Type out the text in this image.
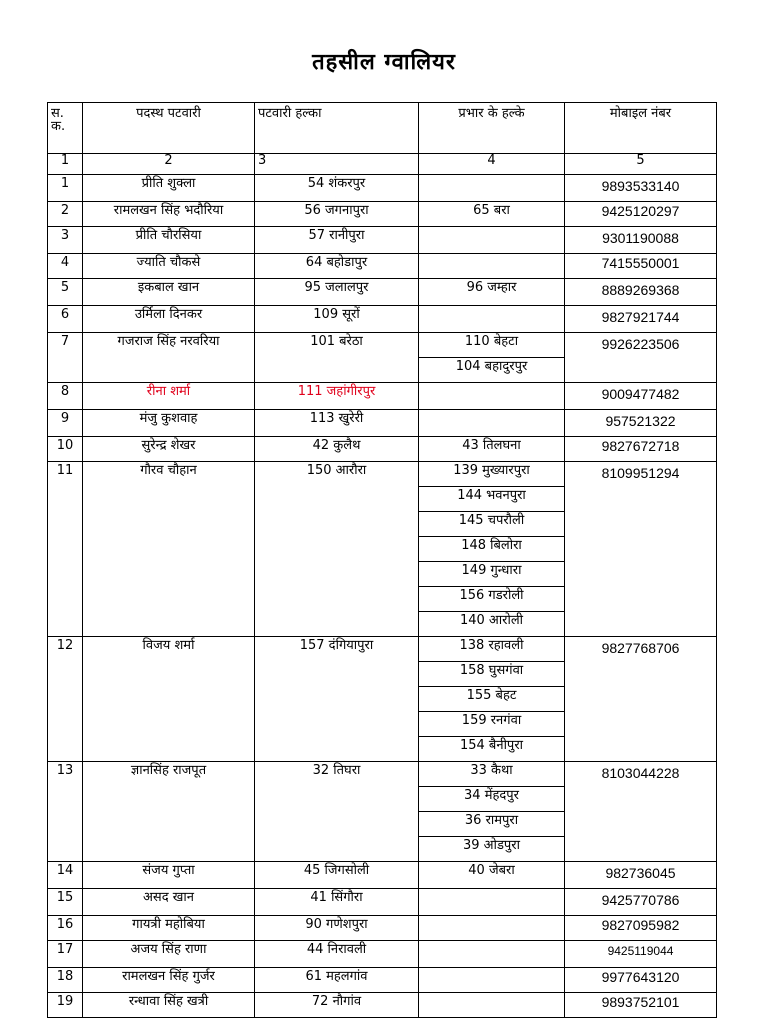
तहसील ग्वालियर
स. क.	पदस्थ पटवारी	पटवारी हल्का	प्रभार के हल्के	मोबाइल नंबर
1	2	3	4	5
1	प्रीति शुक्ला	54 शंकरपुर		9893533140
2	रामलखन सिंह भदौरिया	56 जगनापुरा	65 बरा	9425120297
3	प्रीति चौरसिया	57 रानीपुरा		9301190088
4	ज्याति चौकसे	64 बहोडापुर		7415550001
5	इकबाल खान	95 जलालपुर	96 जम्हार	8889269368
6	उर्मिला दिनकर	109 सूरों		9827921744
7	गजराज सिंह नरवरिया	101 बरेठा	110 बेहटा	9926223506
			104 बहादुरपुर	
8	रीना शर्मा	111 जहांगीरपुर		9009477482
9	मंजु कुशवाह	113 खुरेरी		957521322
10	सुरेन्द्र शेखर	42 कुलैथ	43 तिलघना	9827672718
11	गौरव चौहान	150 आरौरा	139 मुख्यारपुरा	8109951294
			144 भवनपुरा	
			145 चपरौली	
			148 बिलोरा	
			149 गुन्धारा	
			156 गडरोली	
			140 आरोली	
12	विजय शर्मा	157 दंगियापुरा	138 रहावली	9827768706
			158 घुसगंवा	
			155 बेहट	
			159 रनगंवा	
			154 बैनीपुरा	
13	ज्ञानसिंह राजपूत	32 तिघरा	33 कैथा	8103044228
			34 मेंहदपुर	
			36 रामपुरा	
			39 ओडपुरा	
14	संजय गुप्ता	45 जिगसोली	40 जेबरा	982736045
15	असद खान	41 सिंगौरा		9425770786
16	गायत्री महोबिया	90 गणेशपुरा		9827095982
17	अजय सिंह राणा	44 निरावली		9425119044
18	रामलखन सिंह गुर्जर	61 महलगांव		9977643120
19	रन्धावा सिंह खत्री	72 नौगांव		9893752101
